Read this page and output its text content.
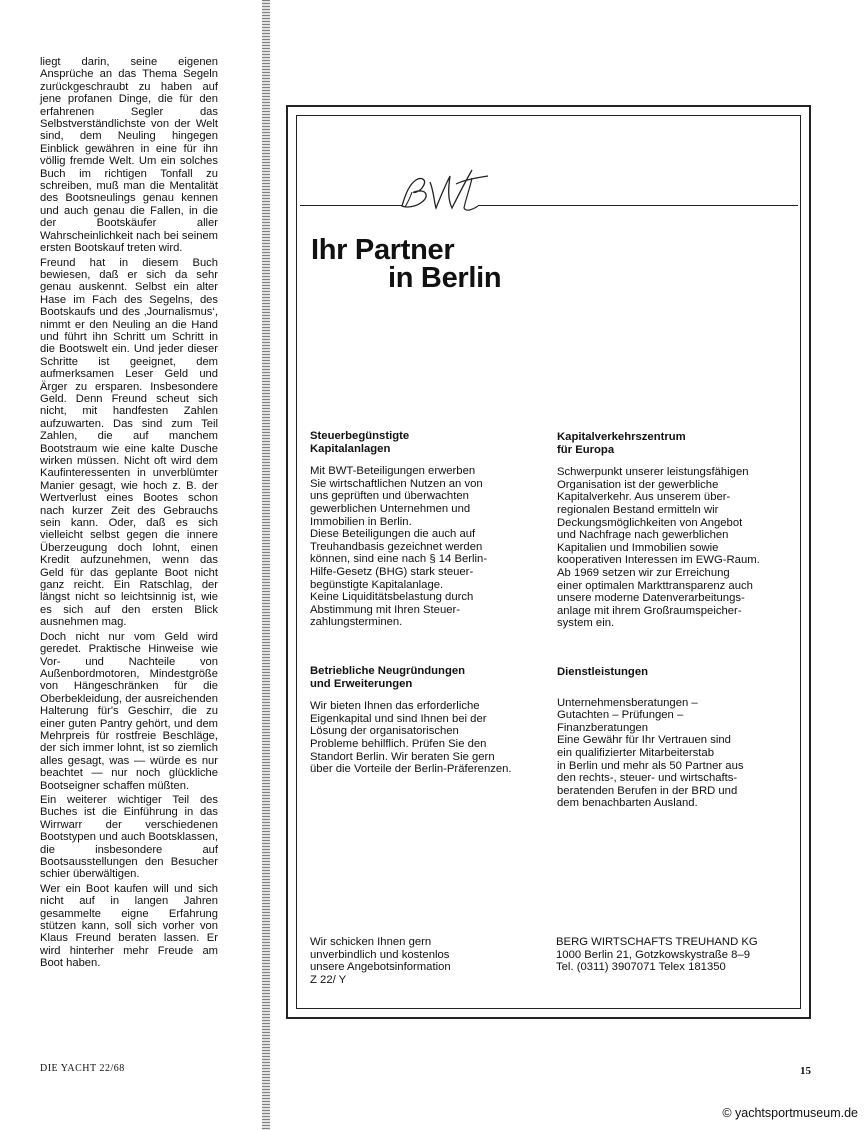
liegt darin, seine eigenen Ansprüche an das Thema Segeln zurückgeschraubt zu haben auf jene profanen Dinge, die für den erfahrenen Segler das Selbstverständlichste von der Welt sind, dem Neuling hingegen Einblick gewähren in eine für ihn völlig fremde Welt. Um ein solches Buch im richtigen Tonfall zu schreiben, muß man die Mentalität des Bootsneulings genau kennen und auch genau die Fallen, in die der Bootskäufer aller Wahrscheinlichkeit nach bei seinem ersten Bootskauf treten wird.

Freund hat in diesem Buch bewiesen, daß er sich da sehr genau auskennt. Selbst ein alter Hase im Fach des Segelns, des Bootskaufs und des ‚Journalismus‘, nimmt er den Neuling an die Hand und führt ihn Schritt um Schritt in die Bootswelt ein. Und jeder dieser Schritte ist geeignet, dem aufmerksamen Leser Geld und Ärger zu ersparen. Insbesondere Geld. Denn Freund scheut sich nicht, mit handfesten Zahlen aufzuwarten. Das sind zum Teil Zahlen, die auf manchem Bootstraum wie eine kalte Dusche wirken müssen. Nicht oft wird dem Kaufinteressenten in unverblümter Manier gesagt, wie hoch z. B. der Wertverlust eines Bootes schon nach kurzer Zeit des Gebrauchs sein kann. Oder, daß es sich vielleicht selbst gegen die innere Überzeugung doch lohnt, einen Kredit aufzunehmen, wenn das Geld für das geplante Boot nicht ganz reicht. Ein Ratschlag, der längst nicht so leichtsinnig ist, wie es sich auf den ersten Blick ausnehmen mag.

Doch nicht nur vom Geld wird geredet. Praktische Hinweise wie Vor- und Nachteile von Außenbordmotoren, Mindestgröße von Hängeschränken für die Oberbekleidung, der ausreichenden Halterung für's Geschirr, die zu einer guten Pantry gehört, und dem Mehrpreis für rostfreie Beschläge, der sich immer lohnt, ist so ziemlich alles gesagt, was — würde es nur beachtet — nur noch glückliche Bootseigner schaffen müßten.

Ein weiterer wichtiger Teil des Buches ist die Einführung in das Wirrwarr der verschiedenen Bootstypen und auch Bootsklassen, die insbesondere auf Bootsausstellungen den Besucher schier überwältigen.

Wer ein Boot kaufen will und sich nicht auf in langen Jahren gesammelte eigne Erfahrung stützen kann, soll sich vorher von Klaus Freund beraten lassen. Er wird hinterher mehr Freude am Boot haben.

DIE YACHT 22/68
Ihr Partner
in Berlin
Steuerbegünstigte
Kapitalanlagen
Mit BWT-Beteiligungen erwerben
Sie wirtschaftlichen Nutzen an von
uns geprüften und überwachten
gewerblichen Unternehmen und
Immobilien in Berlin.
Diese Beteiligungen die auch auf
Treuhandbasis gezeichnet werden
können, sind eine nach § 14 Berlin-
Hilfe-Gesetz (BHG) stark steuer-
begünstigte Kapitalanlage.
Keine Liquiditätsbelastung durch
Abstimmung mit Ihren Steuer-
zahlungsterminen.
Kapitalverkehrszentrum
für Europa
Schwerpunkt unserer leistungsfähigen
Organisation ist der gewerbliche
Kapitalverkehr. Aus unserem über-
regionalen Bestand ermitteln wir
Deckungsmöglichkeiten von Angebot
und Nachfrage nach gewerblichen
Kapitalien und Immobilien sowie
kooperativen Interessen im EWG-Raum.
Ab 1969 setzen wir zur Erreichung
einer optimalen Markttransparenz auch
unsere moderne Datenverarbeitungs-
anlage mit ihrem Großraumspeicher-
system ein.
Betriebliche Neugründungen
und Erweiterungen
Wir bieten Ihnen das erforderliche
Eigenkapital und sind Ihnen bei der
Lösung der organisatorischen
Probleme behilflich. Prüfen Sie den
Standort Berlin. Wir beraten Sie gern
über die Vorteile der Berlin-Präferenzen.
Dienstleistungen
Unternehmensberatungen –
Gutachten – Prüfungen –
Finanzberatungen
Eine Gewähr für Ihr Vertrauen sind
ein qualifizierter Mitarbeiterstab
in Berlin und mehr als 50 Partner aus
den rechts-, steuer- und wirtschafts-
beratenden Berufen in der BRD und
dem benachbarten Ausland.
Wir schicken Ihnen gern
unverbindlich und kostenlos
unsere Angebotsinformation
Z 22/ Y
BERG WIRTSCHAFTS TREUHAND KG
1000 Berlin 21, Gotzkowskystraße 8–9
Tel. (0311) 3907071 Telex 181350
15
© yachtsportmuseum.de
